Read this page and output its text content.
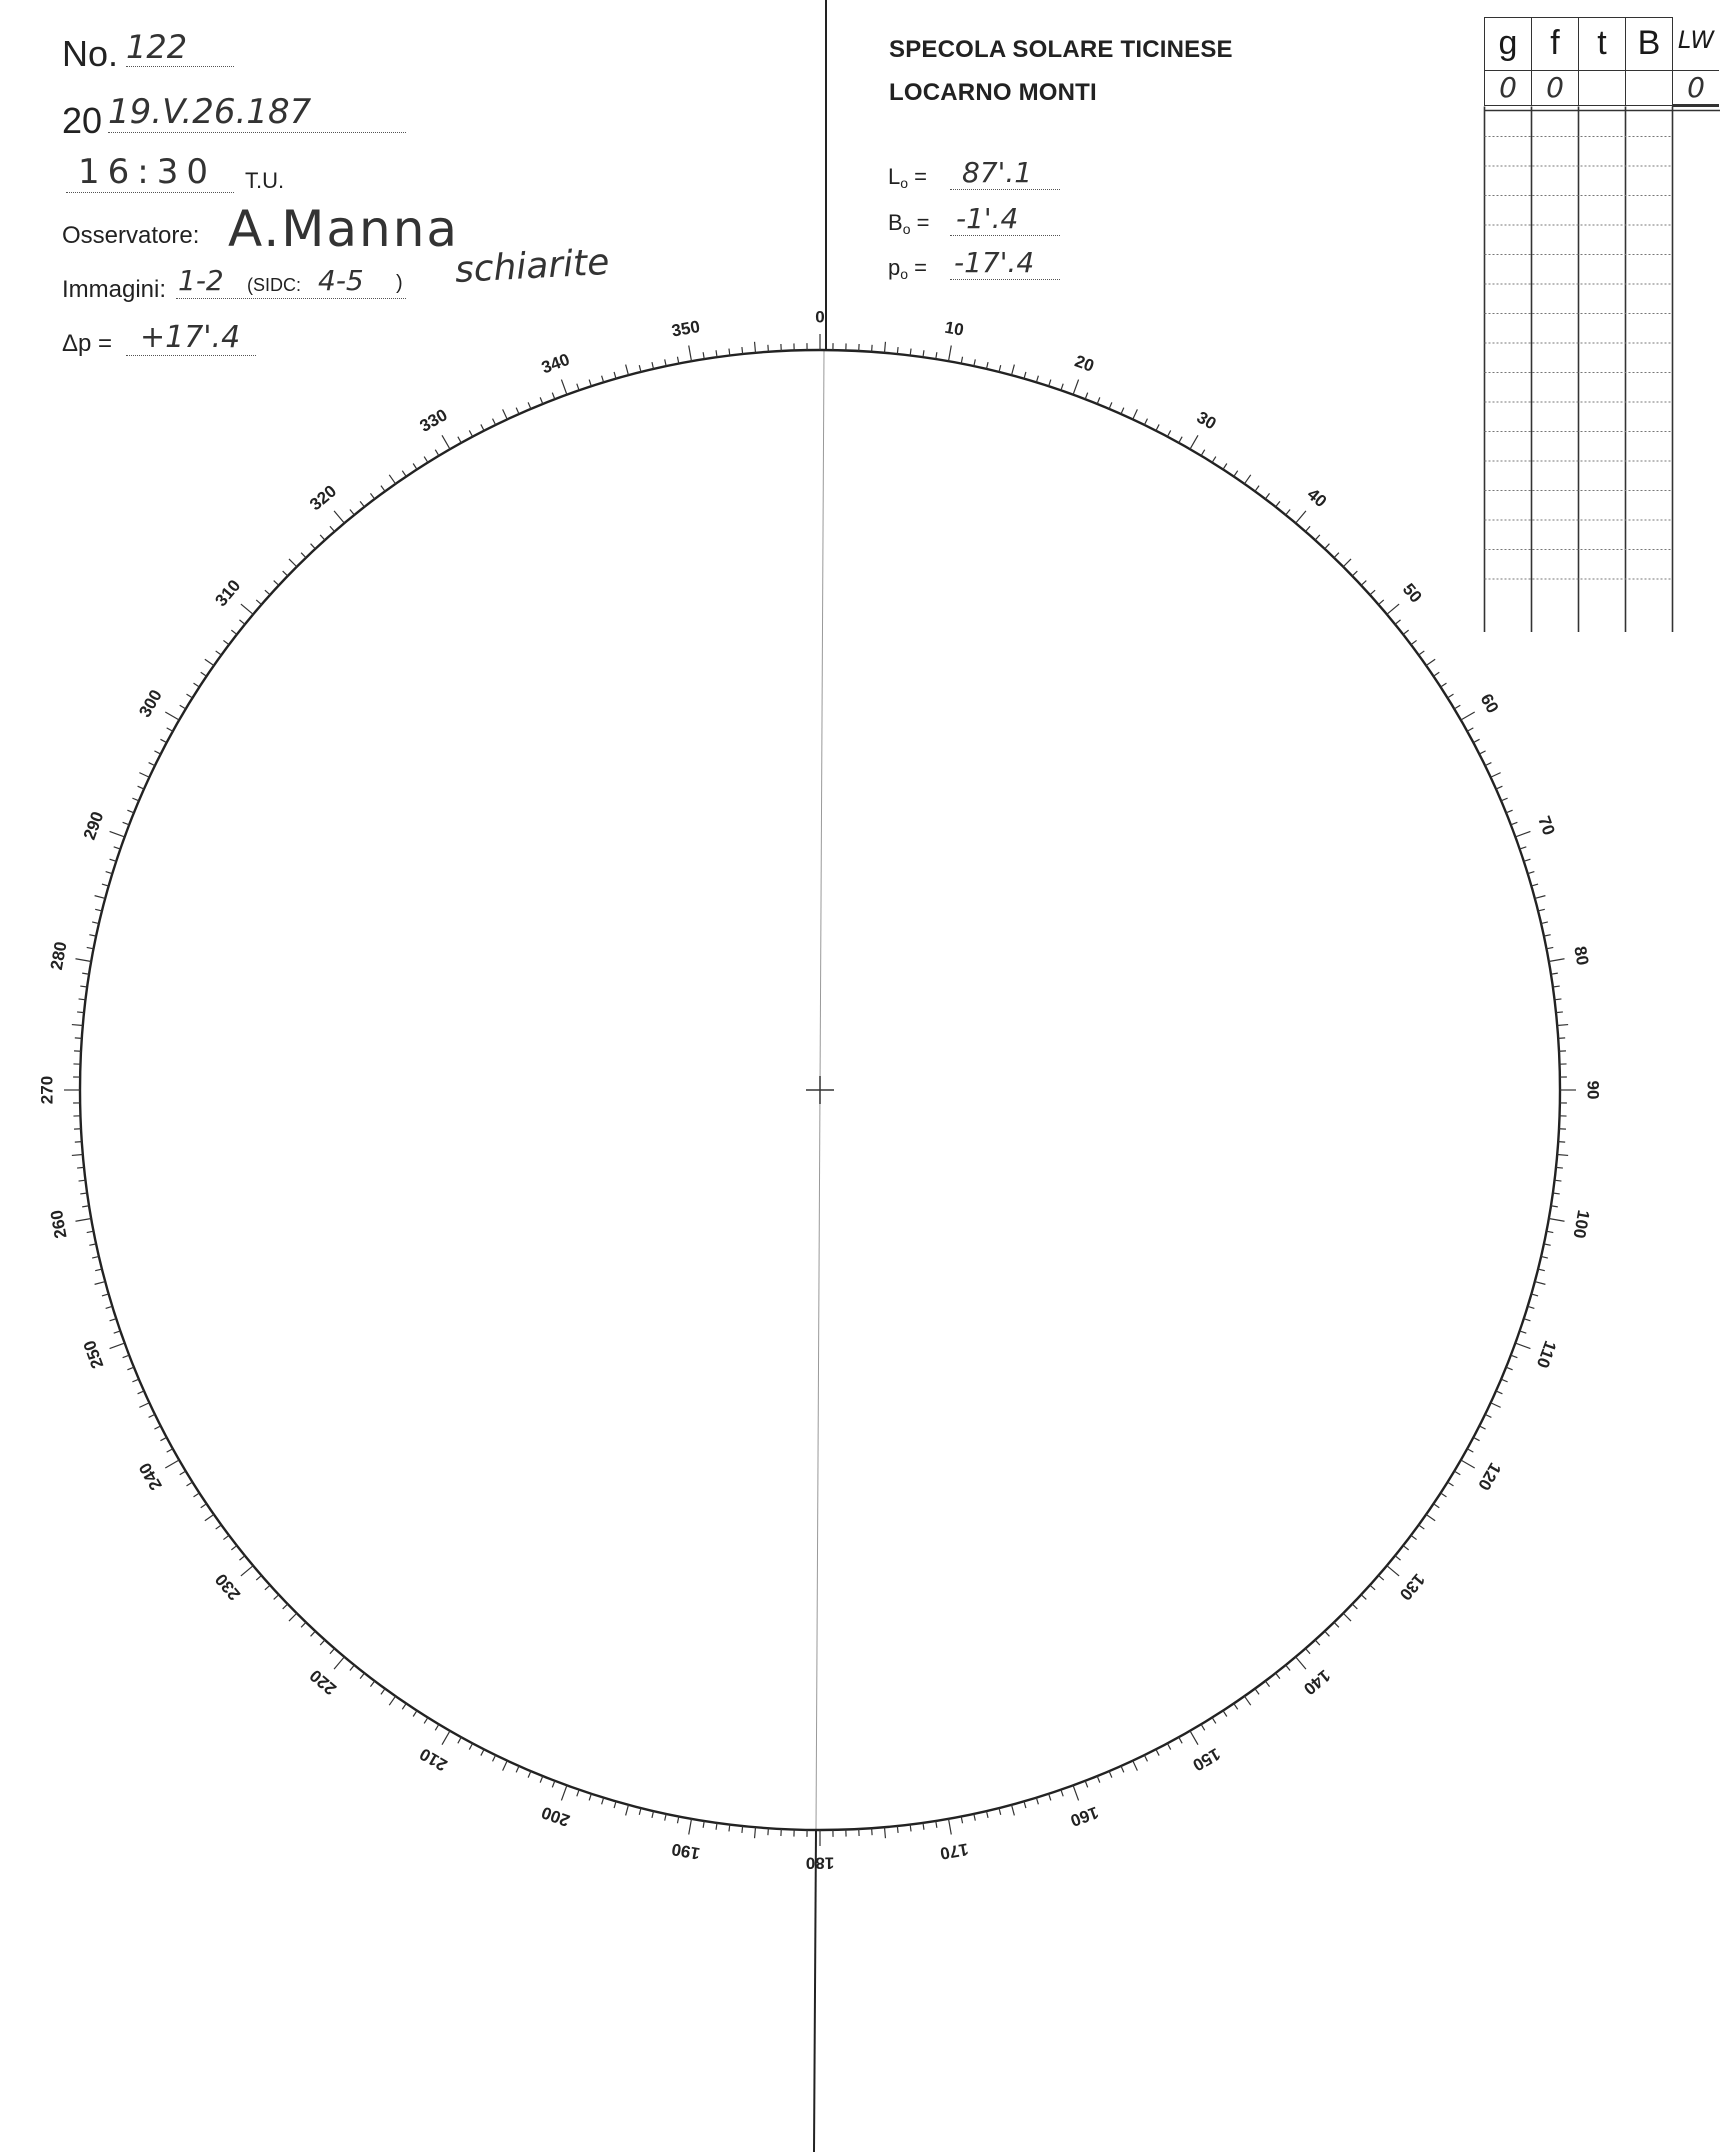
0
10
20
30
40
50
60
70
80
90
100
110
120
130
140
150
160
170
180
190
200
210
220
230
240
250
260
270
280
290
300
310
320
330
340
350
No. 122
20 19.V.26.187
16:30	T.U.
Osservatore: A.Manna
Immagini: 1-2 (SIDC: 4-5 ) schiarite
Δp = +17'.4
SPECOLA SOLARE TICINESE
LOCARNO MONTI
$L_o$ =	87'.1
$B_o = -1'.4$
$p_o = -17'.4$
g	f	t	B	LW
0	0			0
